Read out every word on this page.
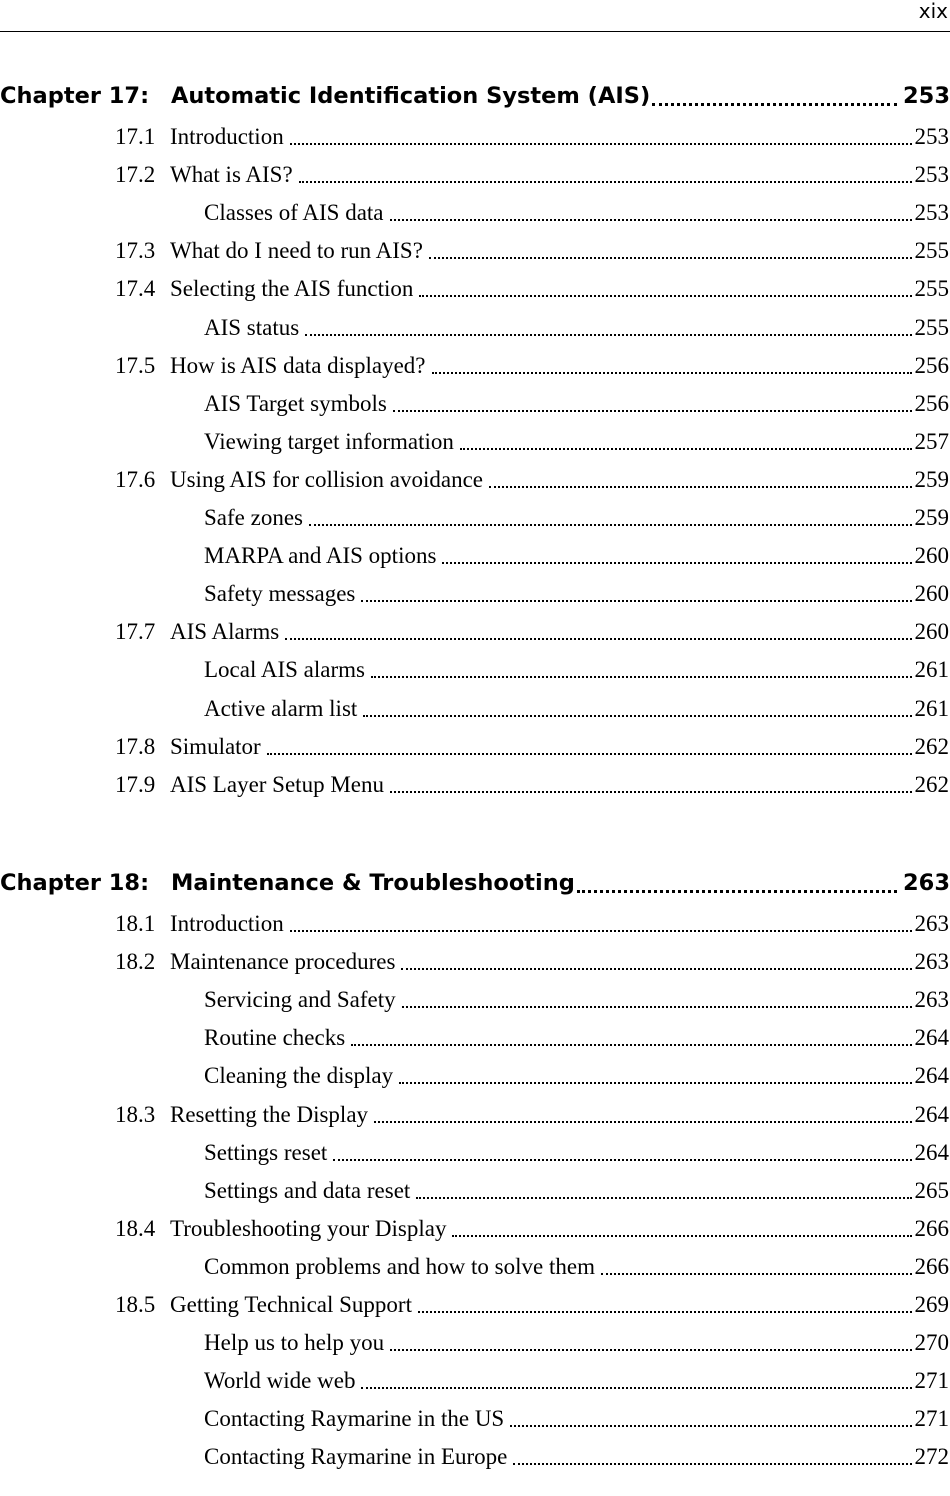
xix
Chapter 17: Automatic Identification System (AIS)	253
17.1 Introduction	253
17.2 What is AIS?	253
Classes of AIS data	253
17.3 What do I need to run AIS?	255
17.4 Selecting the AIS function	255
AIS status	255
17.5 How is AIS data displayed?	256
AIS Target symbols	256
Viewing target information	257
17.6 Using AIS for collision avoidance	259
Safe zones	259
MARPA and AIS options	260
Safety messages	260
17.7 AIS Alarms	260
Local AIS alarms	261
Active alarm list	261
17.8 Simulator	262
17.9 AIS Layer Setup Menu	262
Chapter 18: Maintenance & Troubleshooting	263
18.1 Introduction	263
18.2 Maintenance procedures	263
Servicing and Safety	263
Routine checks	264
Cleaning the display	264
18.3 Resetting the Display	264
Settings reset	264
Settings and data reset	265
18.4 Troubleshooting your Display	266
Common problems and how to solve them	266
18.5 Getting Technical Support	269
Help us to help you	270
World wide web	271
Contacting Raymarine in the US	271
Contacting Raymarine in Europe	272
